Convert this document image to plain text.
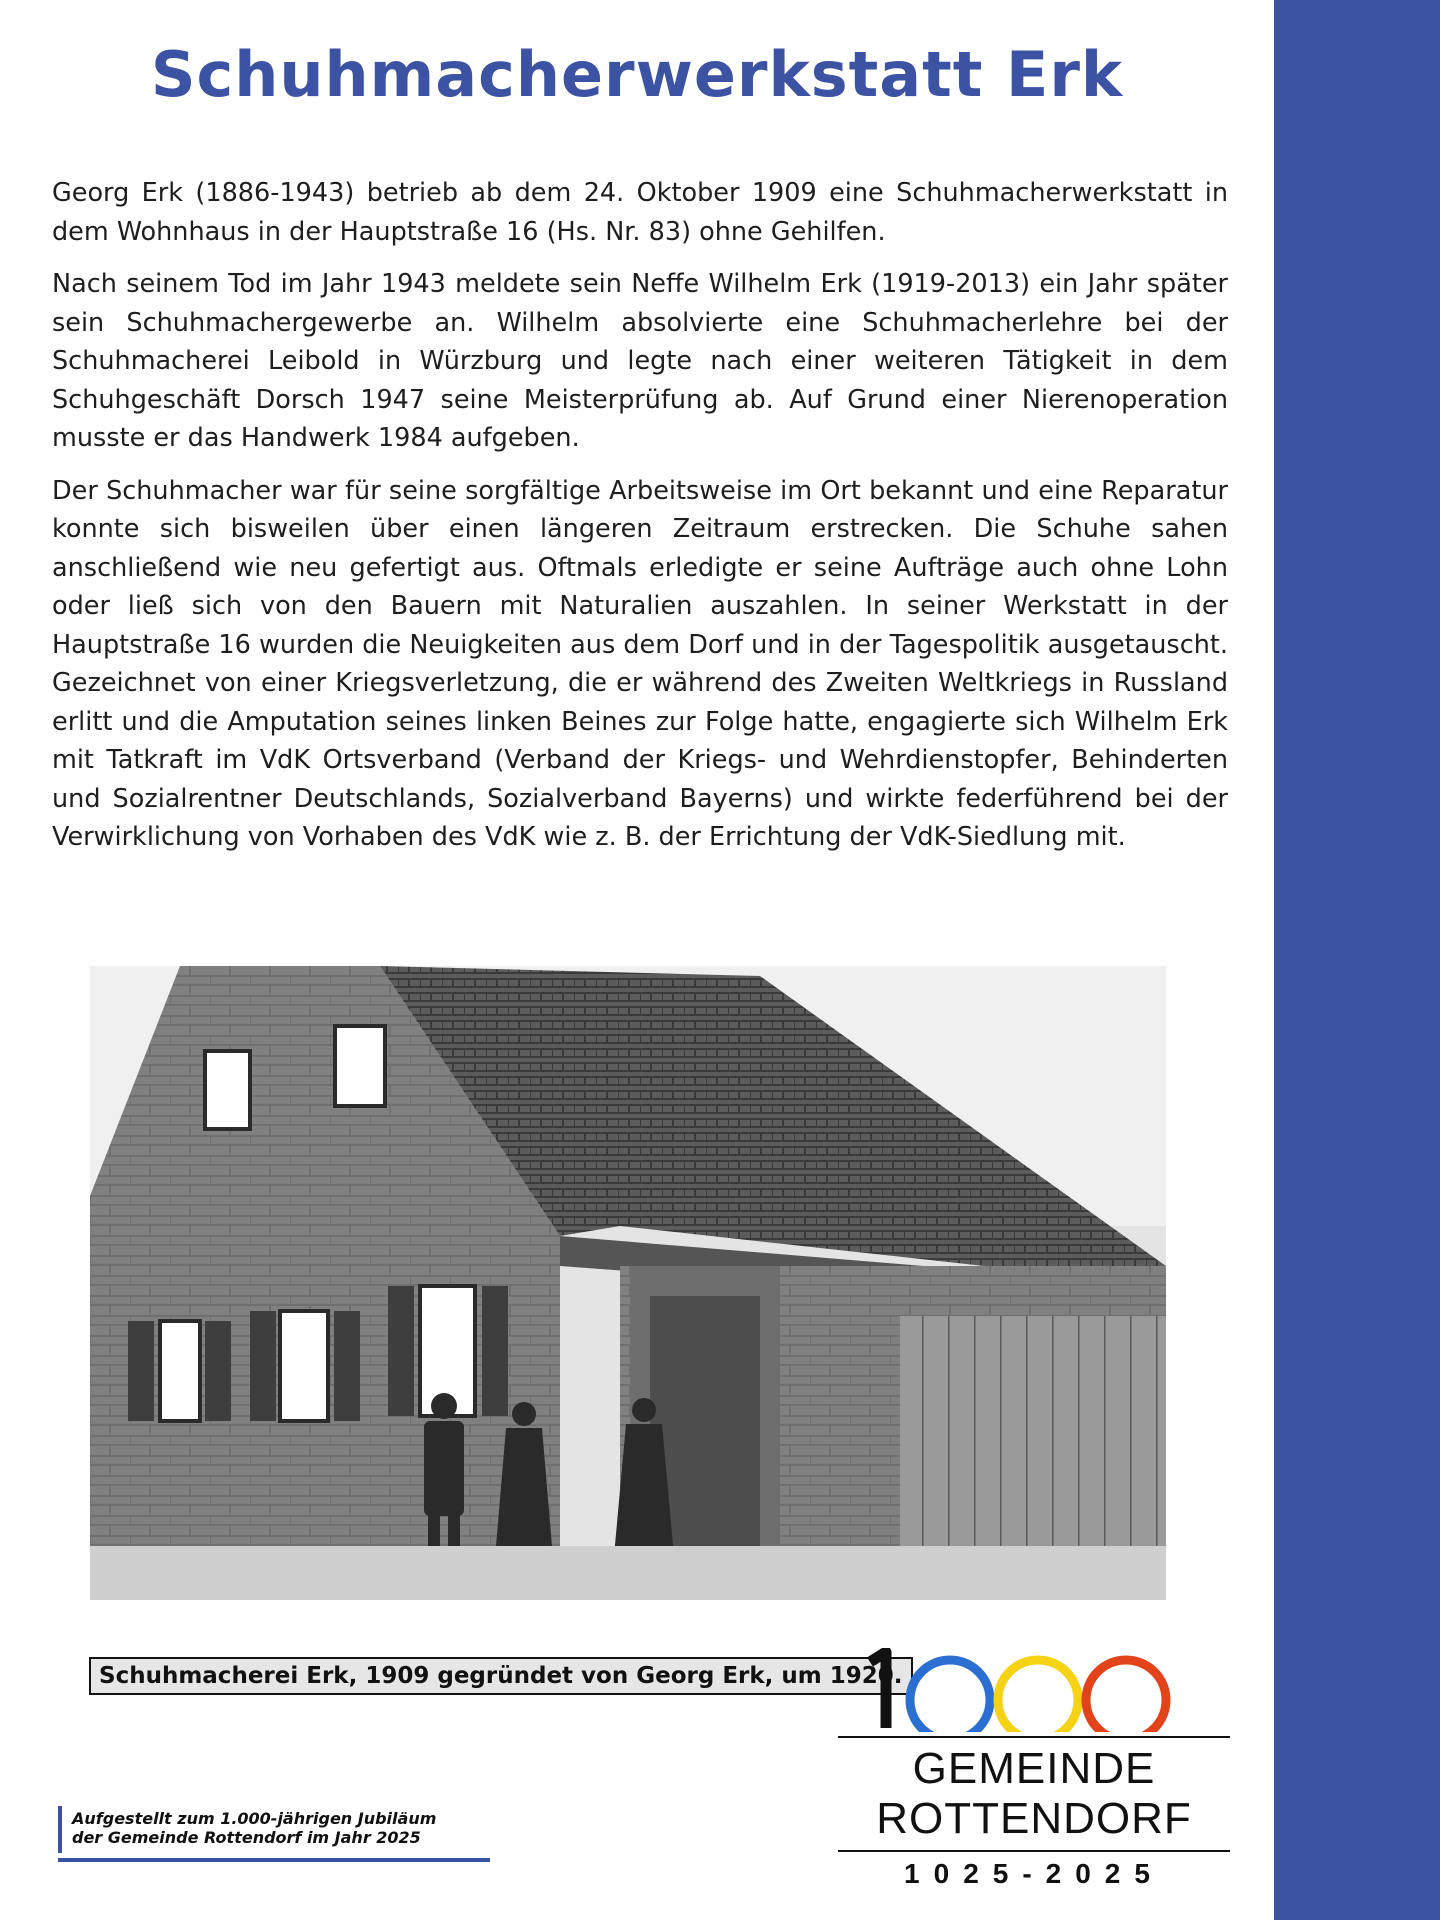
Schuhmacherwerkstatt Erk

Georg Erk (1886-1943) betrieb ab dem 24. Oktober 1909 eine Schuhmacherwerkstatt in dem Wohnhaus in der Hauptstraße 16 (Hs. Nr. 83) ohne Gehilfen.

Nach seinem Tod im Jahr 1943 meldete sein Neffe Wilhelm Erk (1919-2013) ein Jahr später sein Schuhmachergewerbe an. Wilhelm absolvierte eine Schuhmacherlehre bei der Schuhmacherei Leibold in Würzburg und legte nach einer weiteren Tätigkeit in dem Schuhgeschäft Dorsch 1947 seine Meisterprüfung ab. Auf Grund einer Nierenoperation musste er das Handwerk 1984 aufgeben.

Der Schuhmacher war für seine sorgfältige Arbeitsweise im Ort bekannt und eine Reparatur konnte sich bisweilen über einen längeren Zeitraum erstrecken. Die Schuhe sahen anschließend wie neu gefertigt aus. Oftmals erledigte er seine Aufträge auch ohne Lohn oder ließ sich von den Bauern mit Naturalien auszahlen. In seiner Werkstatt in der Hauptstraße 16 wurden die Neuigkeiten aus dem Dorf und in der Tagespolitik ausgetauscht. Gezeichnet von einer Kriegsverletzung, die er während des Zweiten Weltkriegs in Russland erlitt und die Amputation seines linken Beines zur Folge hatte, engagierte sich Wilhelm Erk mit Tatkraft im VdK Ortsverband (Verband der Kriegs- und Wehrdienstopfer, Behinderten und Sozialrentner Deutschlands, Sozialverband Bayerns) und wirkte federführend bei der Verwirklichung von Vorhaben des VdK wie z. B. der Errichtung der VdK-Siedlung mit.

Schuhmacherei Erk, 1909 gegründet von Georg Erk, um 1920.
Aufgestellt zum 1.000-jährigen Jubiläum
der Gemeinde Rottendorf im Jahr 2025
GEMEINDE
ROTTENDORF
1025-2025
